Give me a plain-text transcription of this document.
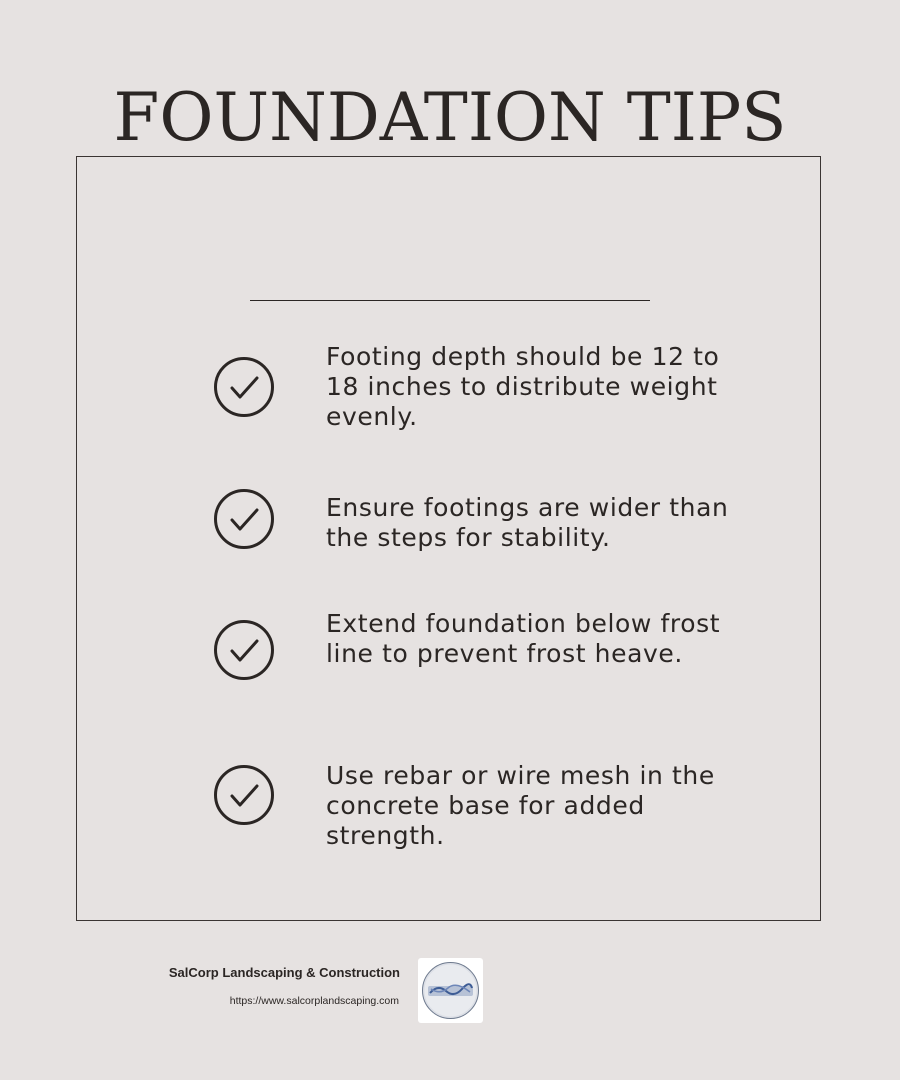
FOUNDATION TIPS

Footing depth should be 12 to 18 inches to distribute weight evenly.

Ensure footings are wider than the steps for stability.

Extend foundation below frost line to prevent frost heave.

Use rebar or wire mesh in the concrete base for added strength.

SalCorp Landscaping & Construction
https://www.salcorplandscaping.com
